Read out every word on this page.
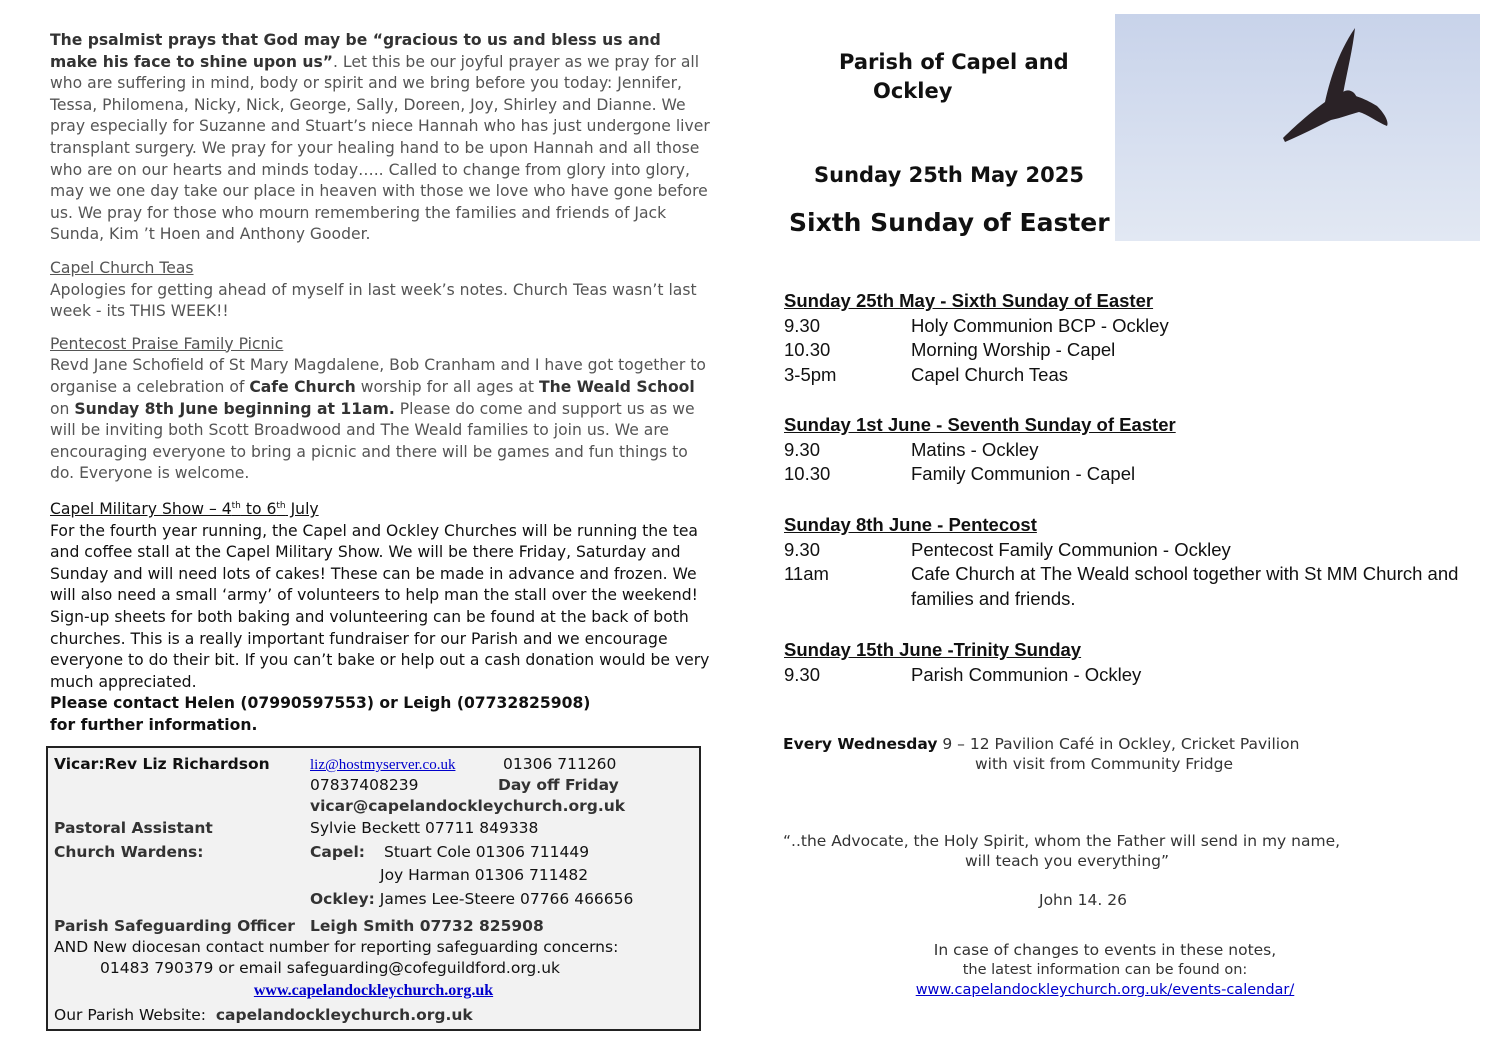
The psalmist prays that God may be “gracious to us and bless us and make his face to shine upon us”. Let this be our joyful prayer as we pray for all who are suffering in mind, body or spirit and we bring before you today: Jennifer, Tessa, Philomena, Nicky, Nick, George, Sally, Doreen, Joy, Shirley and Dianne. We pray especially for Suzanne and Stuart’s niece Hannah who has just undergone liver transplant surgery. We pray for your healing hand to be upon Hannah and all those who are on our hearts and minds today….. Called to change from glory into glory, may we one day take our place in heaven with those we love who have gone before us. We pray for those who mourn remembering the families and friends of Jack Sunda, Kim ’t Hoen and Anthony Gooder.

Capel Church Teas
Apologies for getting ahead of myself in last week’s notes. Church Teas wasn’t last week - its THIS WEEK!!

Pentecost Praise Family Picnic
Revd Jane Schofield of St Mary Magdalene, Bob Cranham and I have got together to organise a celebration of Cafe Church worship for all ages at The Weald School on Sunday 8th June beginning at 11am. Please do come and support us as we will be inviting both Scott Broadwood and The Weald families to join us. We are encouraging everyone to bring a picnic and there will be games and fun things to do. Everyone is welcome.

Capel Military Show – 4th to 6th July
For the fourth year running, the Capel and Ockley Churches will be running the tea and coffee stall at the Capel Military Show. We will be there Friday, Saturday and Sunday and will need lots of cakes! These can be made in advance and frozen. We will also need a small ‘army’ of volunteers to help man the stall over the weekend! Sign-up sheets for both baking and volunteering can be found at the back of both churches. This is a really important fundraiser for our Parish and we encourage everyone to do their bit. If you can’t bake or help out a cash donation would be very much appreciated.
Please contact Helen (07990597553) or Leigh (07732825908)
for further information.

Vicar:Rev Liz Richardson	liz@hostmyserver.co.uk	01306 711260
07837408239	Day off Friday
vicar@capelandockleychurch.org.uk
Pastoral Assistant	Sylvie Beckett 07711 849338
Church Wardens:	Capel: Stuart Cole 01306 711449
Joy Harman 01306 711482
Ockley: James Lee-Steere 07766 466656
Parish Safeguarding Officer Leigh Smith 07732 825908
AND New diocesan contact number for reporting safeguarding concerns:
01483 790379 or email safeguarding@cofeguildford.org.uk
www.capelandockleychurch.org.uk
Our Parish Website: capelandockleychurch.org.uk
Parish of Capel and
Ockley
Sunday 25th May 2025
Sixth Sunday of Easter
Sunday 25th May - Sixth Sunday of Easter
9.30	Holy Communion BCP - Ockley
10.30	Morning Worship - Capel
3-5pm	Capel Church Teas
Sunday 1st June - Seventh Sunday of Easter
9.30	Matins - Ockley
10.30	Family Communion - Capel
Sunday 8th June - Pentecost
9.30	Pentecost Family Communion - Ockley
11am	Cafe Church at The Weald school together with St MM Church and families and friends.
Sunday 15th June -Trinity Sunday
9.30	Parish Communion - Ockley
Every Wednesday 9 – 12 Pavilion Café in Ockley, Cricket Pavilion
with visit from Community Fridge
“..the Advocate, the Holy Spirit, whom the Father will send in my name,
will teach you everything”
John 14. 26
In case of changes to events in these notes,
the latest information can be found on:
www.capelandockleychurch.org.uk/events-calendar/
